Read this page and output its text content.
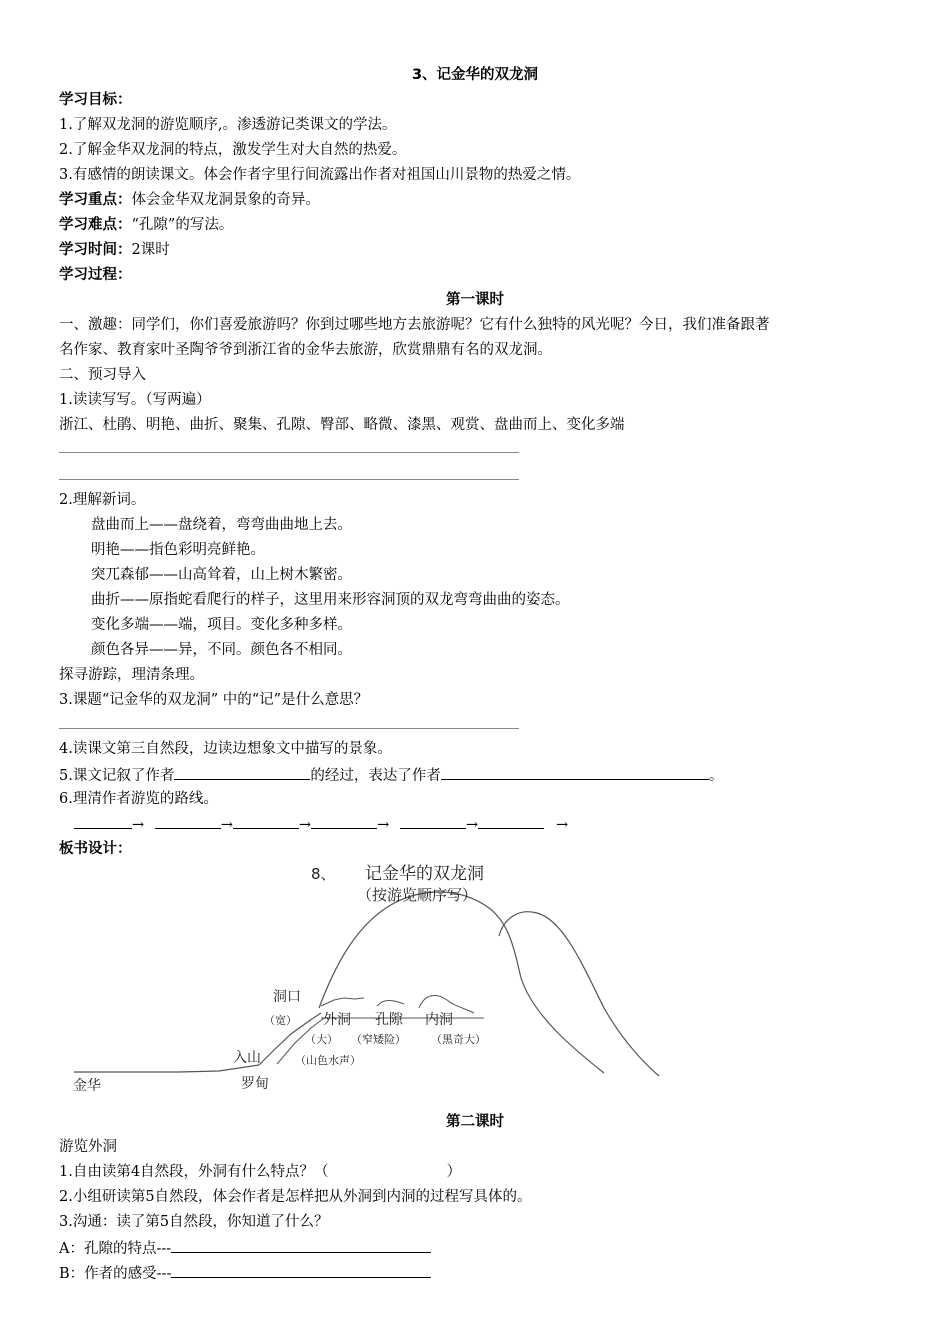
3、记金华的双龙洞
学习目标：
1.了解双龙洞的游览顺序,。渗透游记类课文的学法。
2.了解金华双龙洞的特点，激发学生对大自然的热爱。
3.有感情的朗读课文。体会作者字里行间流露出作者对祖国山川景物的热爱之情。
学习重点：体会金华双龙洞景象的奇异。
学习难点：“孔隙”的写法。
学习时间：2课时
学习过程：
第一课时
一、激趣：同学们，你们喜爱旅游吗？你到过哪些地方去旅游呢？它有什么独特的风光呢？今日，我们准备跟著
名作家、教育家叶圣陶爷爷到浙江省的金华去旅游，欣赏鼎鼎有名的双龙洞。
二、预习导入
1.读读写写。（写两遍）
浙江、杜鹃、明艳、曲折、聚集、孔隙、臀部、略微、漆黑、观赏、盘曲而上、变化多端
2.理解新词。
盘曲而上——盘绕着，弯弯曲曲地上去。
明艳——指色彩明亮鲜艳。
突兀森郁——山高耸着，山上树木繁密。
曲折——原指蛇看爬行的样子，这里用来形容洞顶的双龙弯弯曲曲的姿态。
变化多端——端，项目。变化多种多样。
颜色各异——异，不同。颜色各不相同。
探寻游踪，理清条理。
3.课题“记金华的双龙洞” 中的“记”是什么意思？
4.读课文第三自然段，边读边想象文中描写的景象。
5.课文记叙了作者	的经过，表达了作者	。
6.理清作者游览的路线。
→	→	→	→	→	→
板书设计：
8、 记金华的双龙洞
（按游览顺序写）
洞口
（宽） 外洞 孔隙 内洞
（大） （窄矮险） （黑奇大）
入山	（山色水声）
金华	罗甸
第二课时
游览外洞
1.自由读第4自然段，外洞有什么特点？（	）
2.小组研读第5自然段，体会作者是怎样把从外洞到内洞的过程写具体的。
3.沟通：读了第5自然段，你知道了什么？
A：孔隙的特点---
B：作者的感受---
